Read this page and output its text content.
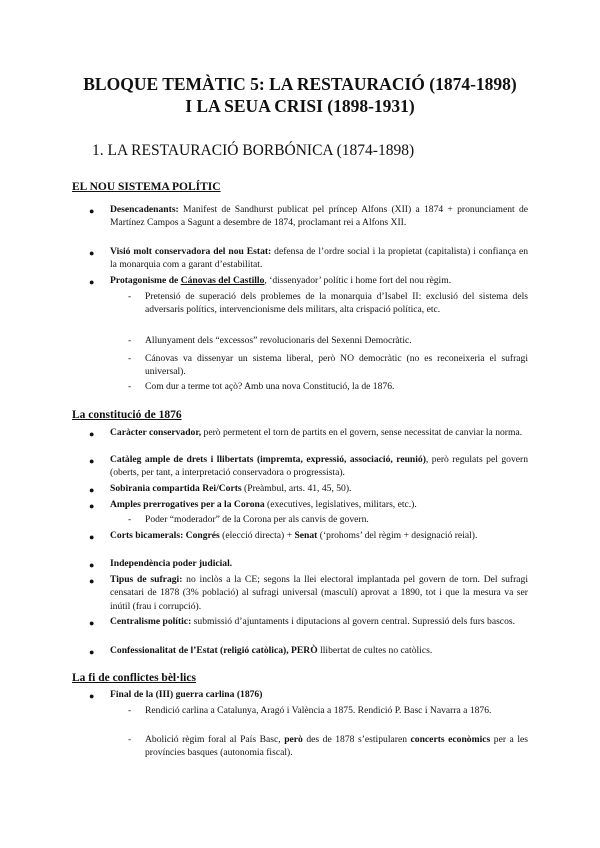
BLOQUE TEMÀTIC 5: LA RESTAURACIÓ (1874-1898)
I LA SEUA CRISI (1898-1931)
1. LA RESTAURACIÓ BORBÓNICA (1874-1898)
EL NOU SISTEMA POLÍTIC
● Desencadenants: Manifest de Sandhurst publicat pel príncep Alfons (XII) a 1874 + pronunciament de Martínez Campos a Sagunt a desembre de 1874, proclamant rei a Alfons XII.
● Visió molt conservadora del nou Estat: defensa de l’ordre social i la propietat (capitalista) i confiança en la monarquia com a garant d’estabilitat.
● Protagonisme de Cánovas del Castillo, ‘dissenyador’ polític i home fort del nou règim.
- Pretensió de superació dels problemes de la monarquia d’Isabel II: exclusió del sistema dels adversaris polítics, intervencionisme dels militars, alta crispació política, etc.
- Allunyament dels “excessos” revolucionaris del Sexenni Democràtic.
- Cánovas va dissenyar un sistema liberal, però NO democràtic (no es reconeixeria el sufragi universal).
- Com dur a terme tot açò? Amb una nova Constitució, la de 1876.
La constitució de 1876
● Caràcter conservador, però permetent el torn de partits en el govern, sense necessitat de canviar la norma.
● Catàleg ample de drets i llibertats (impremta, expressió, associació, reunió), però regulats pel govern (oberts, per tant, a interpretació conservadora o progressista).
● Sobirania compartida Rei/Corts (Preàmbul, arts. 41, 45, 50).
● Amples prerrogatives per a la Corona (executives, legislatives, militars, etc.).
- Poder “moderador” de la Corona per als canvis de govern.
● Corts bicamerals: Congrés (elecció directa) + Senat (‘prohoms’ del règim + designació reial).
● Independència poder judicial.
● Tipus de sufragi: no inclòs a la CE; segons la llei electoral implantada pel govern de torn. Del sufragi censatari de 1878 (3% població) al sufragi universal (masculí) aprovat a 1890, tot i que la mesura va ser inútil (frau i corrupció).
● Centralisme polític: submissió d’ajuntaments i diputacions al govern central. Supressió dels furs bascos.
● Confessionalitat de l’Estat (religió catòlica), PERÒ llibertat de cultes no catòlics.
La fi de conflictes bèl·lics
● Final de la (III) guerra carlina (1876)
- Rendició carlina a Catalunya, Aragó i València a 1875. Rendició P. Basc i Navarra a 1876.
- Abolició règim foral al País Basc, però des de 1878 s’estipularen concerts econòmics per a les províncies basques (autonomia fiscal).
